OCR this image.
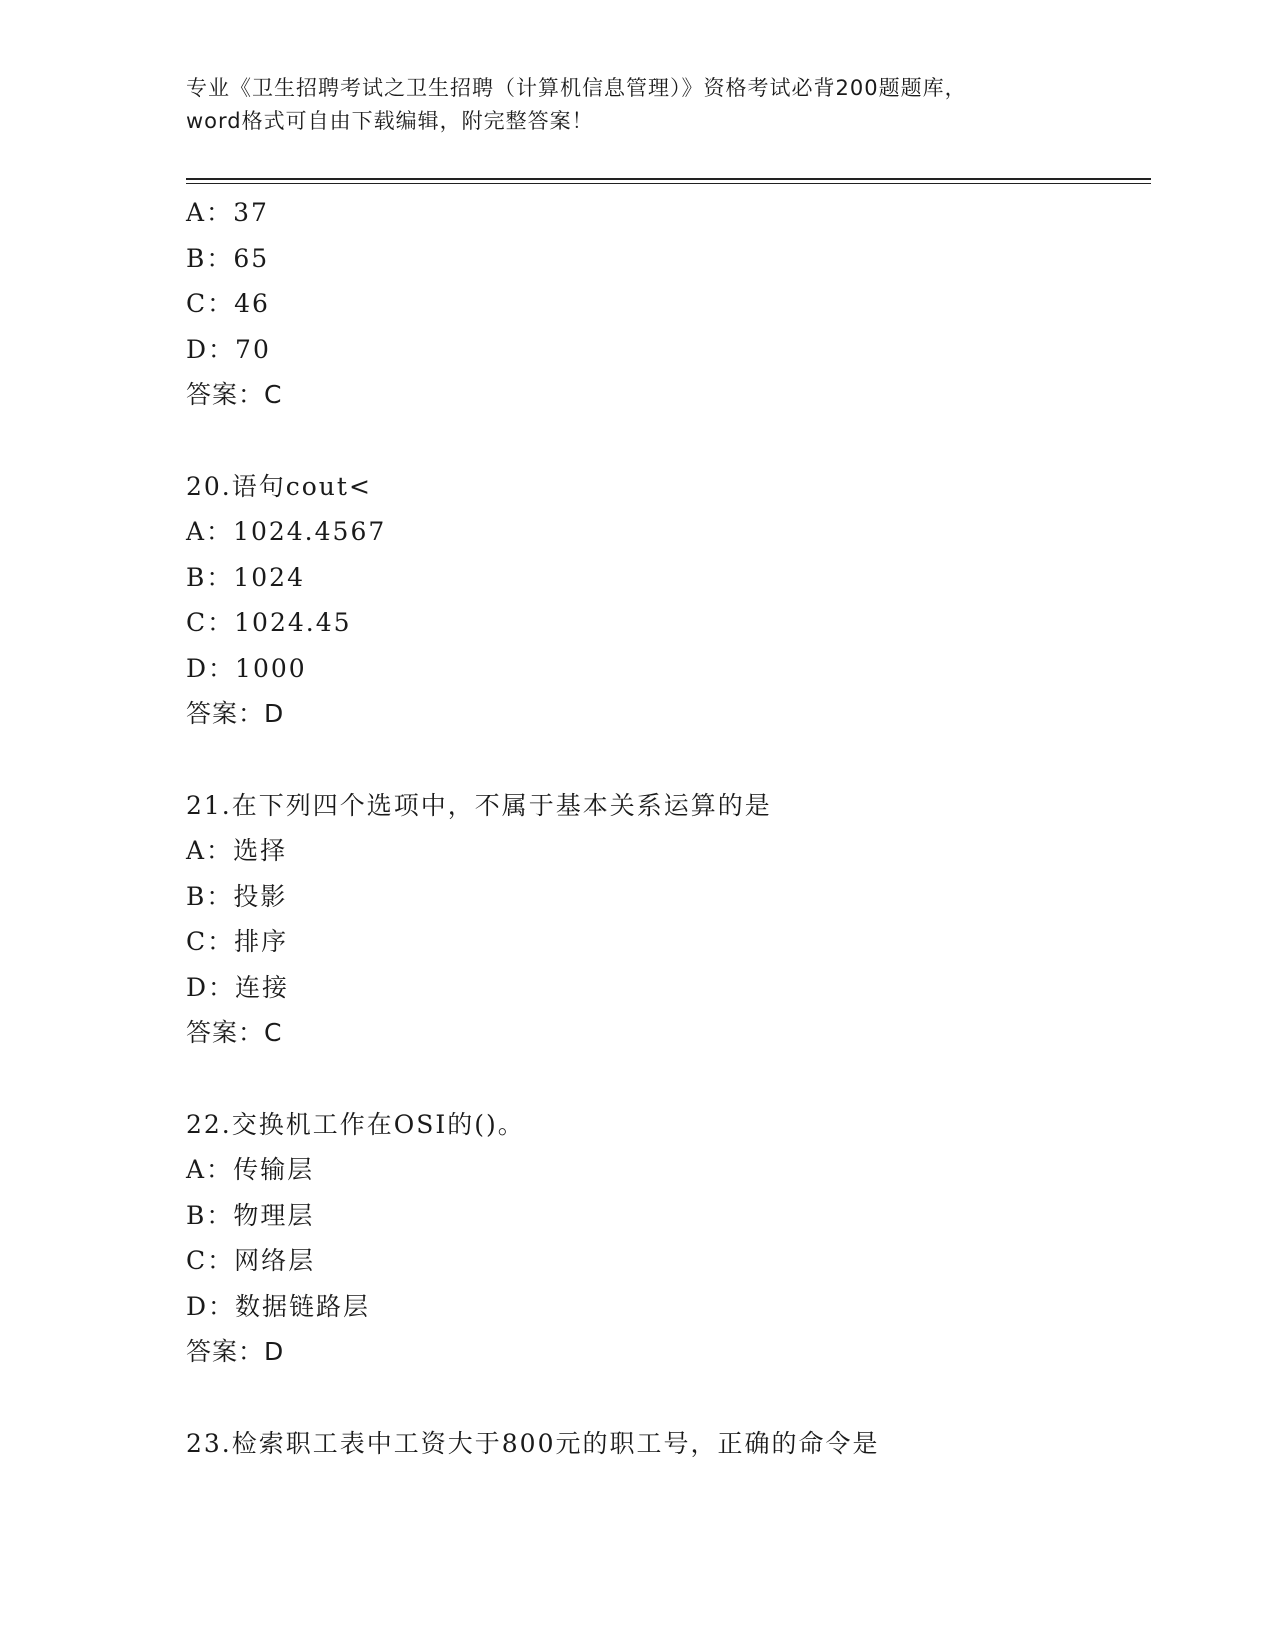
专业《卫生招聘考试之卫生招聘（计算机信息管理）》资格考试必背200题题库，
word格式可自由下载编辑，附完整答案！
A：37
B：65
C：46
D：70
答案：C
20.语句cout<
A：1024.4567
B：1024
C：1024.45
D：1000
答案：D
21.在下列四个选项中，不属于基本关系运算的是
A：选择
B：投影
C：排序
D：连接
答案：C
22.交换机工作在OSI的()。
A：传输层
B：物理层
C：网络层
D：数据链路层
答案：D
23.检索职工表中工资大于800元的职工号，正确的命令是
